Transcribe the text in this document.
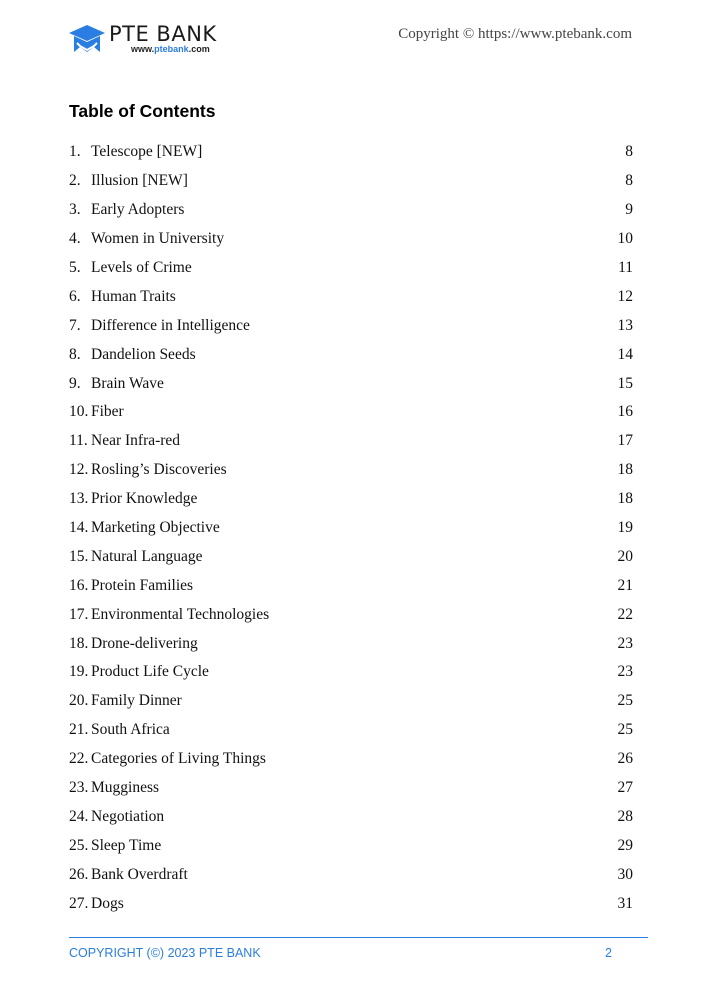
PTE BANK
www.ptebank.com
Copyright © https://www.ptebank.com
Table of Contents
1. Telescope [NEW]	8
2. Illusion [NEW]	8
3. Early Adopters	9
4. Women in University	10
5. Levels of Crime	11
6. Human Traits	12
7. Difference in Intelligence	13
8. Dandelion Seeds	14
9. Brain Wave	15
10. Fiber	16
11. Near Infra-red	17
12. Rosling’s Discoveries	18
13. Prior Knowledge	18
14. Marketing Objective	19
15. Natural Language	20
16. Protein Families	21
17. Environmental Technologies	22
18. Drone-delivering	23
19. Product Life Cycle	23
20. Family Dinner	25
21. South Africa	25
22. Categories of Living Things	26
23. Mugginess	27
24. Negotiation	28
25. Sleep Time	29
26. Bank Overdraft	30
27. Dogs	31
COPYRIGHT (©) 2023 PTE BANK	2
